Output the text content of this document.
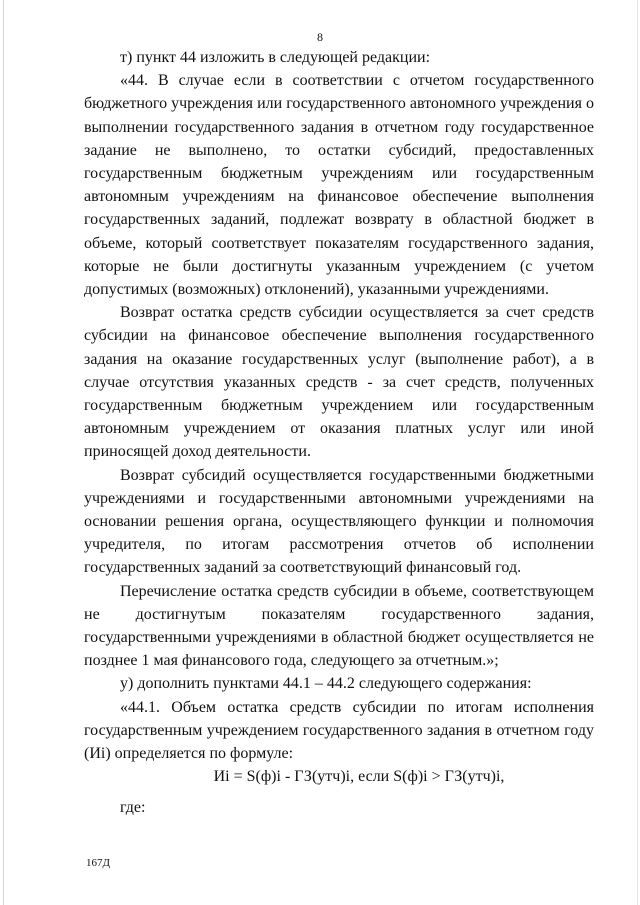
8

т) пункт 44 изложить в следующей редакции:

«44. В случае если в соответствии с отчетом государственного бюджетного учреждения или государственного автономного учреждения о выполнении государственного задания в отчетном году государственное задание не выполнено, то остатки субсидий, предоставленных государственным бюджетным учреждениям или государственным автономным учреждениям на финансовое обеспечение выполнения государственных заданий, подлежат возврату в областной бюджет в объеме, который соответствует показателям государственного задания, которые не были достигнуты указанным учреждением (с учетом допустимых (возможных) отклонений), указанными учреждениями.

Возврат остатка средств субсидии осуществляется за счет средств субсидии на финансовое обеспечение выполнения государственного задания на оказание государственных услуг (выполнение работ), а в случае отсутствия указанных средств - за счет средств, полученных государственным бюджетным учреждением или государственным автономным учреждением от оказания платных услуг или иной приносящей доход деятельности.

Возврат субсидий осуществляется государственными бюджетными учреждениями и государственными автономными учреждениями на основании решения органа, осуществляющего функции и полномочия учредителя, по итогам рассмотрения отчетов об исполнении государственных заданий за соответствующий финансовый год.

Перечисление остатка средств субсидии в объеме, соответствующем не достигнутым показателям государственного задания, государственными учреждениями в областной бюджет осуществляется не позднее 1 мая финансового года, следующего за отчетным.»;

у) дополнить пунктами 44.1 – 44.2 следующего содержания:

«44.1. Объем остатка средств субсидии по итогам исполнения государственным учреждением государственного задания в отчетном году (Иi) определяется по формуле:

Иi = S(ф)i - ГЗ(утч)i, если S(ф)i > ГЗ(утч)i,

где:

167Д
